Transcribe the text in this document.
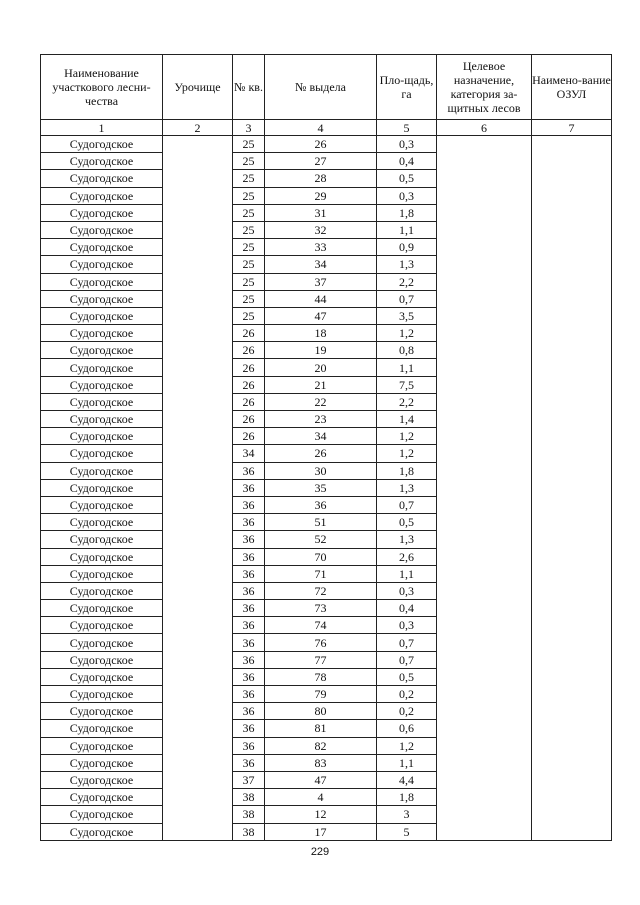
Наименование участкового лесни-чества	Урочище	№ кв.	№ выдела	Пло-щадь, га	Целевое назначение, категория за-щитных лесов	Наимено-вание ОЗУЛ
1	2	3	4	5	6	7
Судогодское		25	26	0,3		
Судогодское		25	27	0,4		
Судогодское		25	28	0,5		
Судогодское		25	29	0,3		
Судогодское		25	31	1,8		
Судогодское		25	32	1,1		
Судогодское		25	33	0,9		
Судогодское		25	34	1,3		
Судогодское		25	37	2,2		
Судогодское		25	44	0,7		
Судогодское		25	47	3,5		
Судогодское		26	18	1,2		
Судогодское		26	19	0,8		
Судогодское		26	20	1,1		
Судогодское		26	21	7,5		
Судогодское		26	22	2,2		
Судогодское		26	23	1,4		
Судогодское		26	34	1,2		
Судогодское		34	26	1,2		
Судогодское		36	30	1,8		
Судогодское		36	35	1,3		
Судогодское		36	36	0,7		
Судогодское		36	51	0,5		
Судогодское		36	52	1,3		
Судогодское		36	70	2,6		
Судогодское		36	71	1,1		
Судогодское		36	72	0,3		
Судогодское		36	73	0,4		
Судогодское		36	74	0,3		
Судогодское		36	76	0,7		
Судогодское		36	77	0,7		
Судогодское		36	78	0,5		
Судогодское		36	79	0,2		
Судогодское		36	80	0,2		
Судогодское		36	81	0,6		
Судогодское		36	82	1,2		
Судогодское		36	83	1,1		
Судогодское		37	47	4,4		
Судогодское		38	4	1,8		
Судогодское		38	12	3		
Судогодское		38	17	5		
229
